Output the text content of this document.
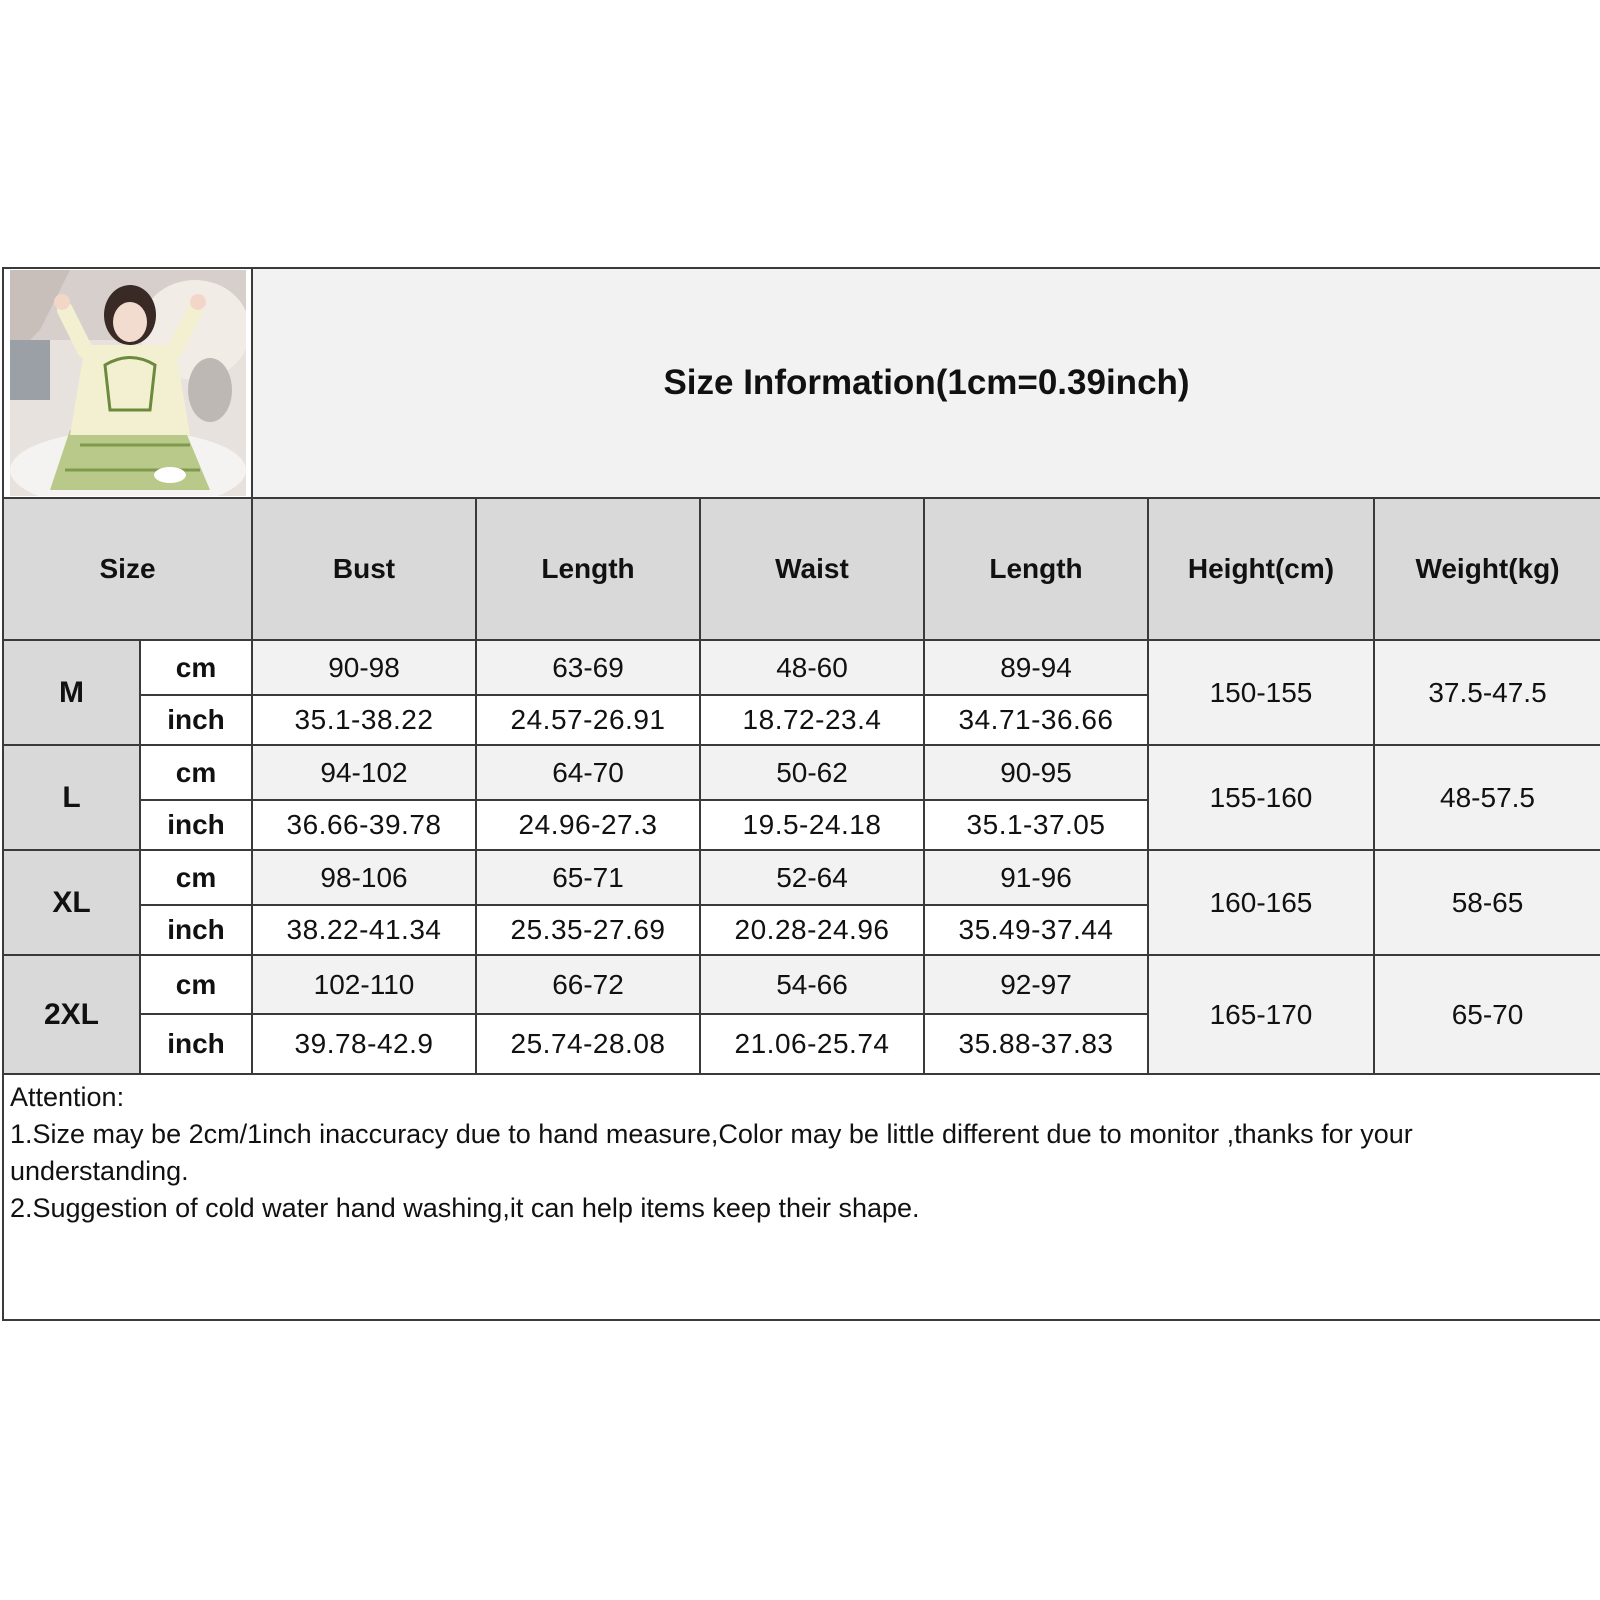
	Size Information(1cm=0.39inch)					
Size		Bust	Length	Waist	Length	Height(cm)	Weight(kg)
M	cm	90-98	63-69	48-60	89-94	150-155	37.5-47.5
	inch	35.1-38.22	24.57-26.91	18.72-23.4	34.71-36.66		
L	cm	94-102	64-70	50-62	90-95	155-160	48-57.5
	inch	36.66-39.78	24.96-27.3	19.5-24.18	35.1-37.05		
XL	cm	98-106	65-71	52-64	91-96	160-165	58-65
	inch	38.22-41.34	25.35-27.69	20.28-24.96	35.49-37.44		
2XL	cm	102-110	66-72	54-66	92-97	165-170	65-70
	inch	39.78-42.9	25.74-28.08	21.06-25.74	35.88-37.83		

Attention:
1.Size may be 2cm/1inch inaccuracy due to hand measure,Color may be little different due to monitor ,thanks for your understanding.
2.Suggestion of cold water hand washing,it can help items keep their shape.							
